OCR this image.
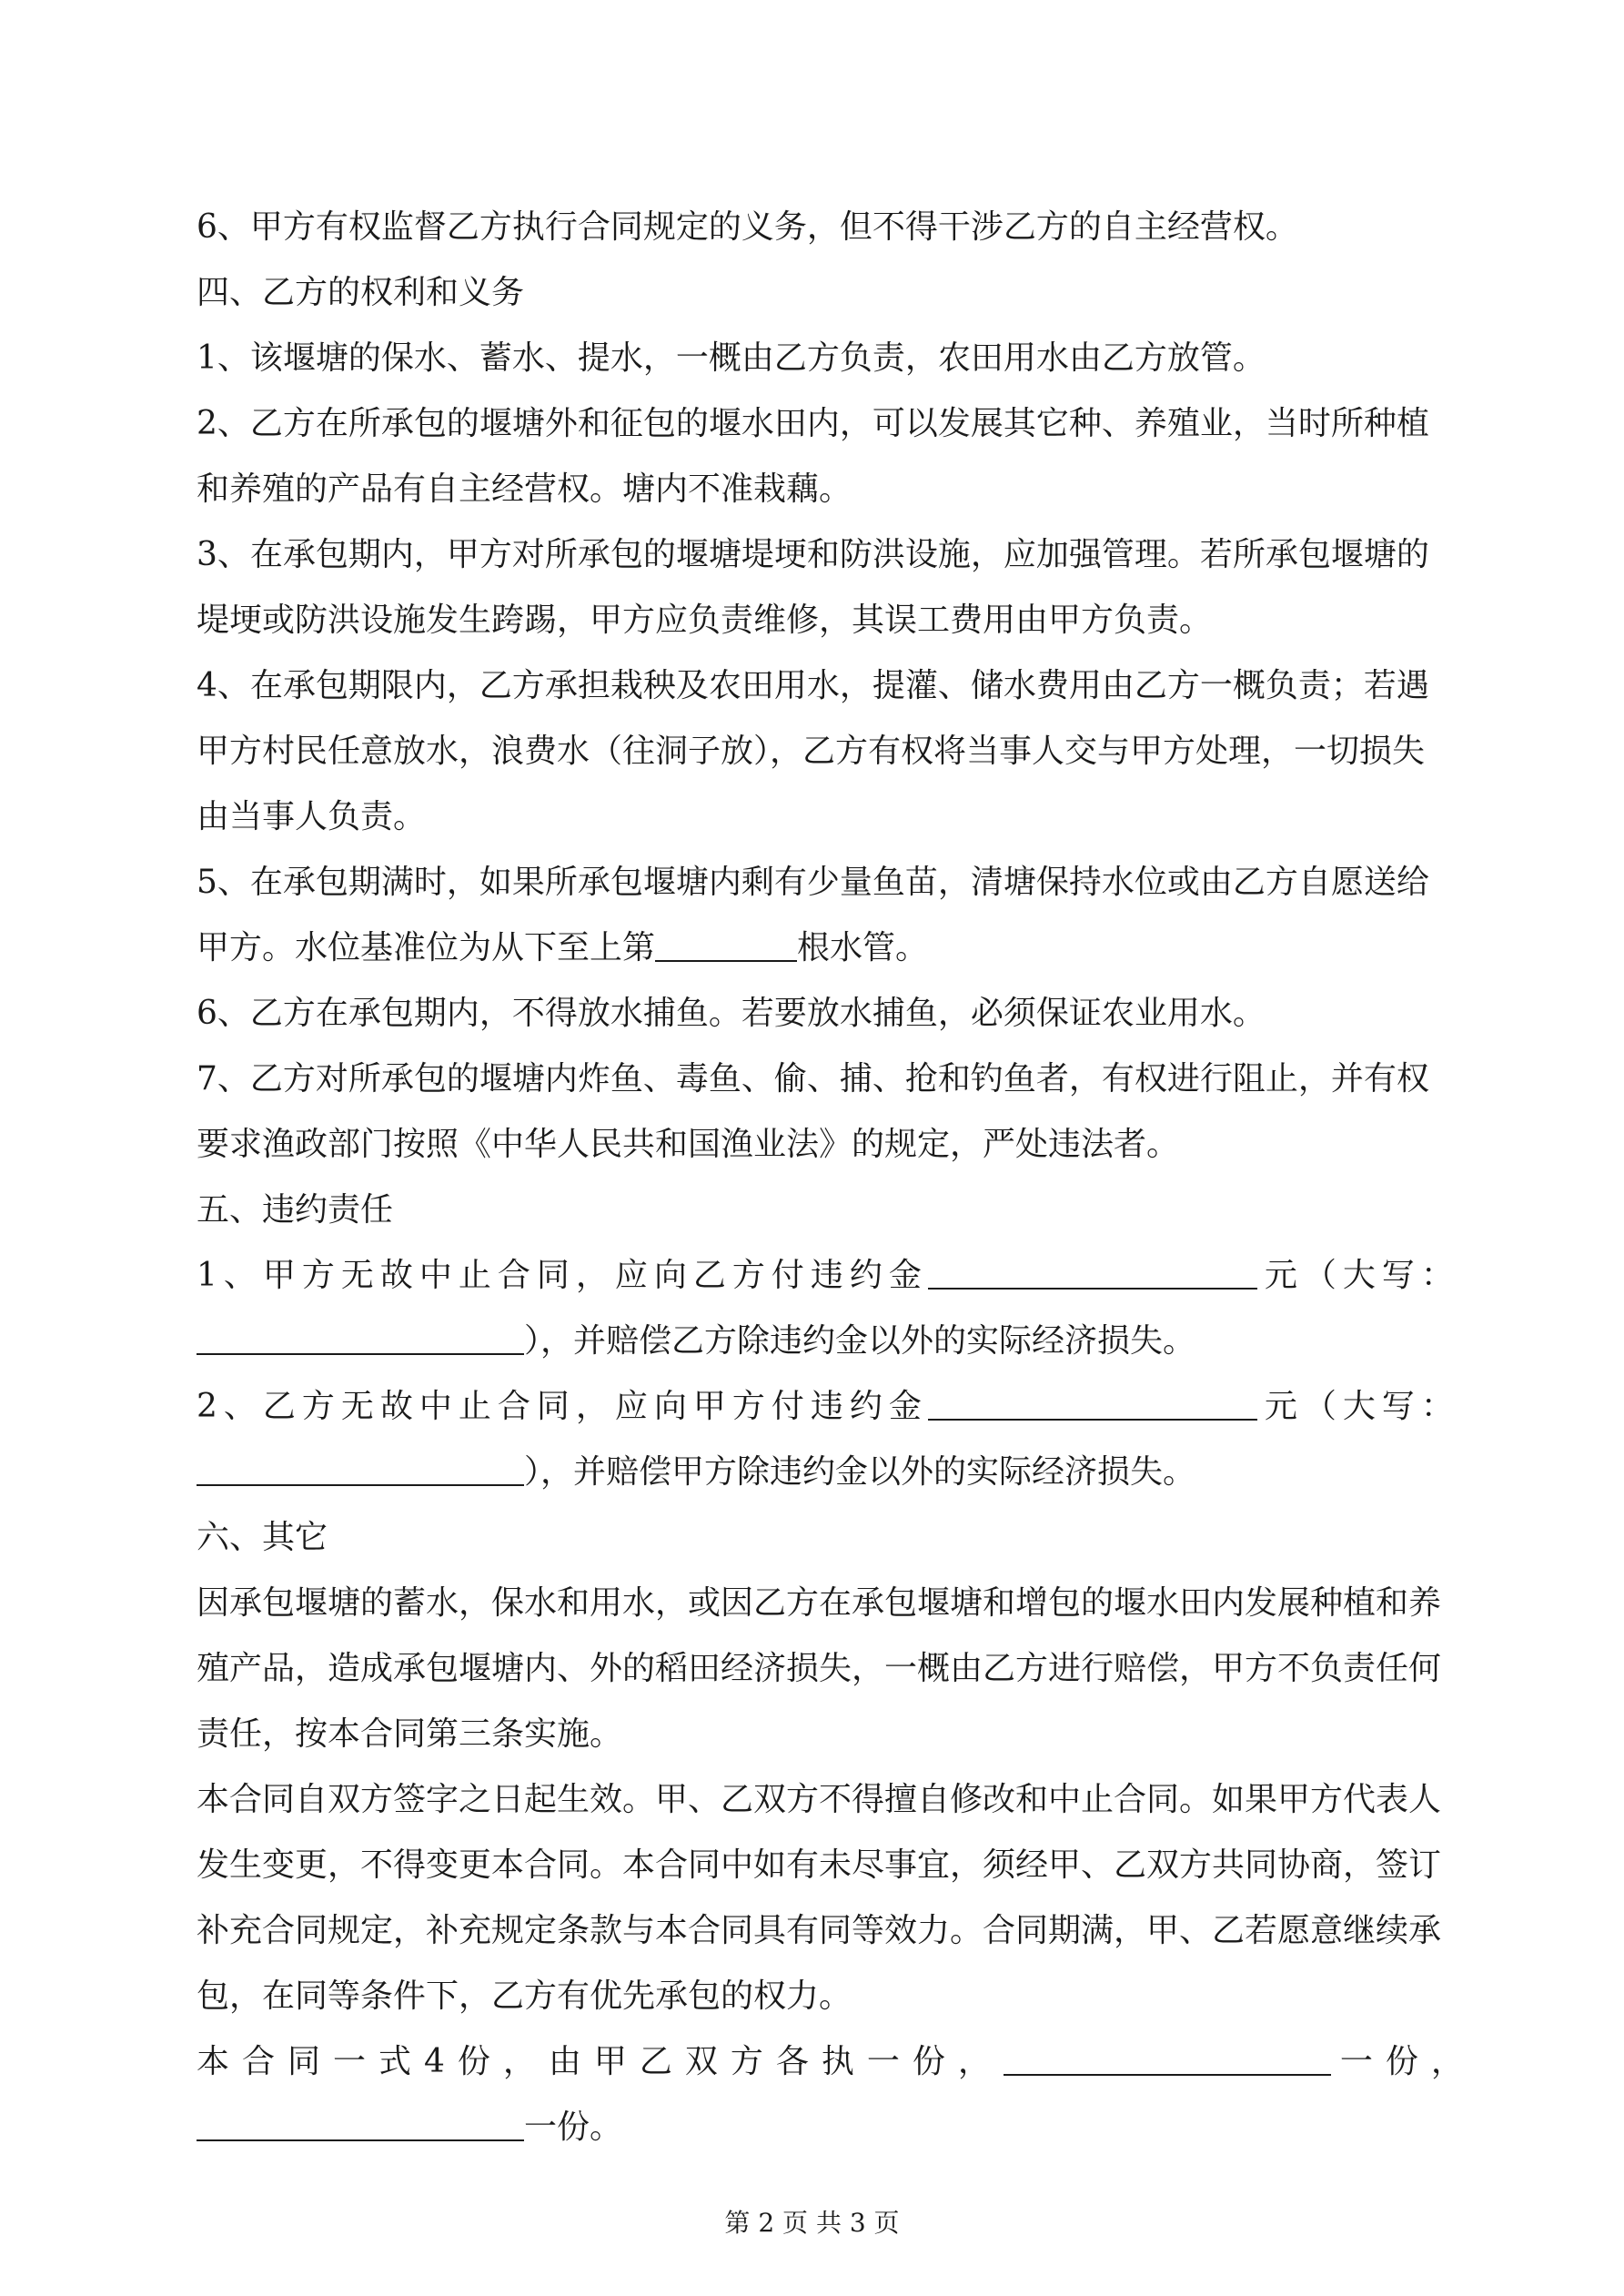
6、甲方有权监督乙方执行合同规定的义务，但不得干涉乙方的自主经营权。
四、乙方的权利和义务
1、该堰塘的保水、蓄水、提水，一概由乙方负责，农田用水由乙方放管。
2、乙方在所承包的堰塘外和征包的堰水田内，可以发展其它种、养殖业，当时所种植
和养殖的产品有自主经营权。塘内不准栽藕。
3、在承包期内，甲方对所承包的堰塘堤埂和防洪设施，应加强管理。若所承包堰塘的
堤埂或防洪设施发生跨踢，甲方应负责维修，其误工费用由甲方负责。
4、在承包期限内，乙方承担栽秧及农田用水，提灌、储水费用由乙方一概负责；若遇
甲方村民任意放水，浪费水（往洞子放），乙方有权将当事人交与甲方处理，一切损失
由当事人负责。
5、在承包期满时，如果所承包堰塘内剩有少量鱼苗，清塘保持水位或由乙方自愿送给
甲方。水位基准位为从下至上第	根水管。
6、乙方在承包期内，不得放水捕鱼。若要放水捕鱼，必须保证农业用水。
7、乙方对所承包的堰塘内炸鱼、毒鱼、偷、捕、抢和钓鱼者，有权进行阻止，并有权
要求渔政部门按照《中华人民共和国渔业法》的规定，严处违法者。
五、违约责任
1、甲方无故中止合同，应向乙方付违约金	元（大写：
），并赔偿乙方除违约金以外的实际经济损失。
2、乙方无故中止合同，应向甲方付违约金	元（大写：
），并赔偿甲方除违约金以外的实际经济损失。
六、其它
因承包堰塘的蓄水，保水和用水，或因乙方在承包堰塘和增包的堰水田内发展种植和养
殖产品，造成承包堰塘内、外的稻田经济损失，一概由乙方进行赔偿，甲方不负责任何
责任，按本合同第三条实施。
本合同自双方签字之日起生效。甲、乙双方不得擅自修改和中止合同。如果甲方代表人
发生变更，不得变更本合同。本合同中如有未尽事宜，须经甲、乙双方共同协商，签订
补充合同规定，补充规定条款与本合同具有同等效力。合同期满，甲、乙若愿意继续承
包，在同等条件下，乙方有优先承包的权力。
本合同一式4份，由甲乙双方各执一份，	一份，
一份。
第 2 页 共 3 页
